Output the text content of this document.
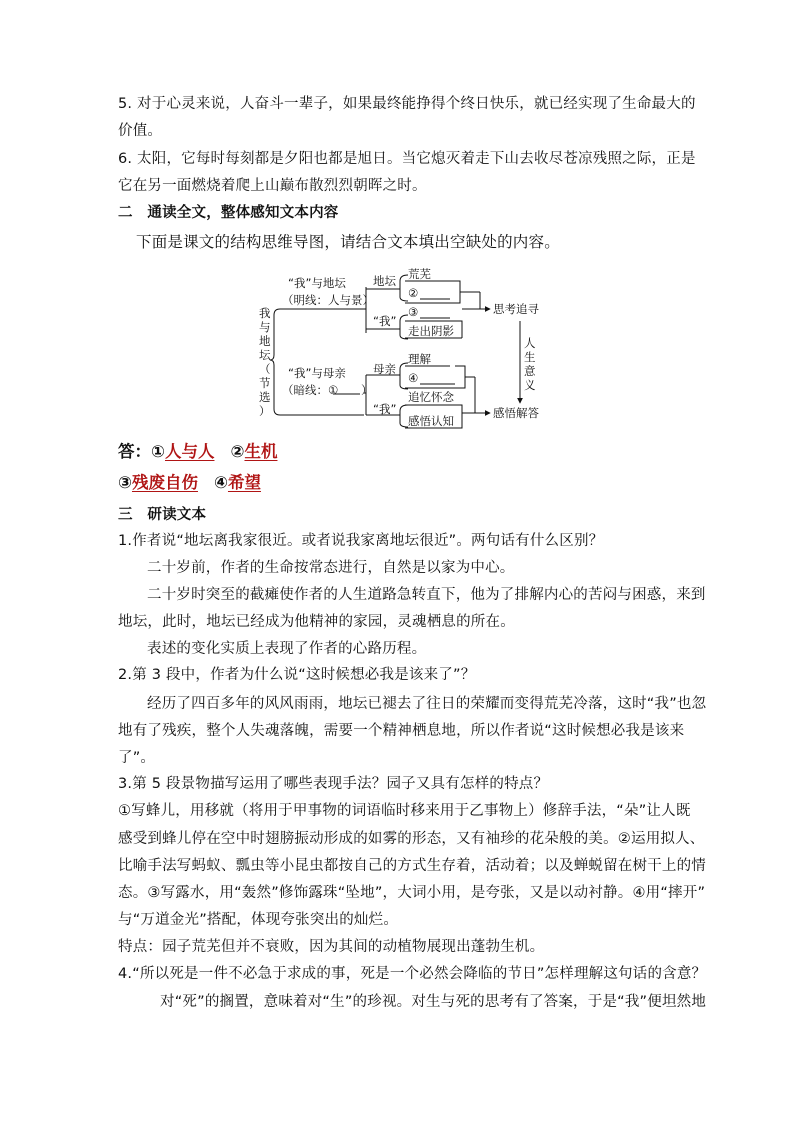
5. 对于心灵来说，人奋斗一辈子，如果最终能挣得个终日快乐，就已经实现了生命最大的
价值。
6. 太阳，它每时每刻都是夕阳也都是旭日。当它熄灭着走下山去收尽苍凉残照之际，正是
它在另一面燃烧着爬上山巅布散烈烈朝晖之时。
二　通读全文，整体感知文本内容
下面是课文的结构思维导图，请结合文本填出空缺处的内容。
我
与
地
坛
（
节
选
）
“我”与地坛
（明线：人与景）
“我”与母亲
（暗线：① ）
地坛
“我”
母亲
“我”
荒芜
②
③
走出阴影
理解
④
追忆怀念
感悟认知
思考追寻
感悟解答
人
生
意
义
答：①人与人 ②生机
③残废自伤 ④希望
三　研读文本
1.作者说“地坛离我家很近。或者说我家离地坛很近”。两句话有什么区别？
二十岁前，作者的生命按常态进行，自然是以家为中心。
二十岁时突至的截瘫使作者的人生道路急转直下，他为了排解内心的苦闷与困惑，来到
地坛，此时，地坛已经成为他精神的家园，灵魂栖息的所在。
表述的变化实质上表现了作者的心路历程。
2.第 3 段中，作者为什么说“这时候想必我是该来了”？
经历了四百多年的风风雨雨，地坛已褪去了往日的荣耀而变得荒芜冷落，这时“我”也忽
地有了残疾，整个人失魂落魄，需要一个精神栖息地，所以作者说“这时候想必我是该来
了”。
3.第 5 段景物描写运用了哪些表现手法？园子又具有怎样的特点？
①写蜂儿，用移就（将用于甲事物的词语临时移来用于乙事物上）修辞手法，“朵”让人既
感受到蜂儿停在空中时翅膀振动形成的如雾的形态，又有袖珍的花朵般的美。②运用拟人、
比喻手法写蚂蚁、瓢虫等小昆虫都按自己的方式生存着，活动着；以及蝉蜕留在树干上的情
态。③写露水，用“轰然”修饰露珠“坠地”，大词小用，是夸张，又是以动衬静。④用“摔开”
与“万道金光”搭配，体现夸张突出的灿烂。
特点：园子荒芜但并不衰败，因为其间的动植物展现出蓬勃生机。
4.“所以死是一件不必急于求成的事，死是一个必然会降临的节日”怎样理解这句话的含意？
对“死”的搁置，意味着对“生”的珍视。对生与死的思考有了答案，于是“我”便坦然地
